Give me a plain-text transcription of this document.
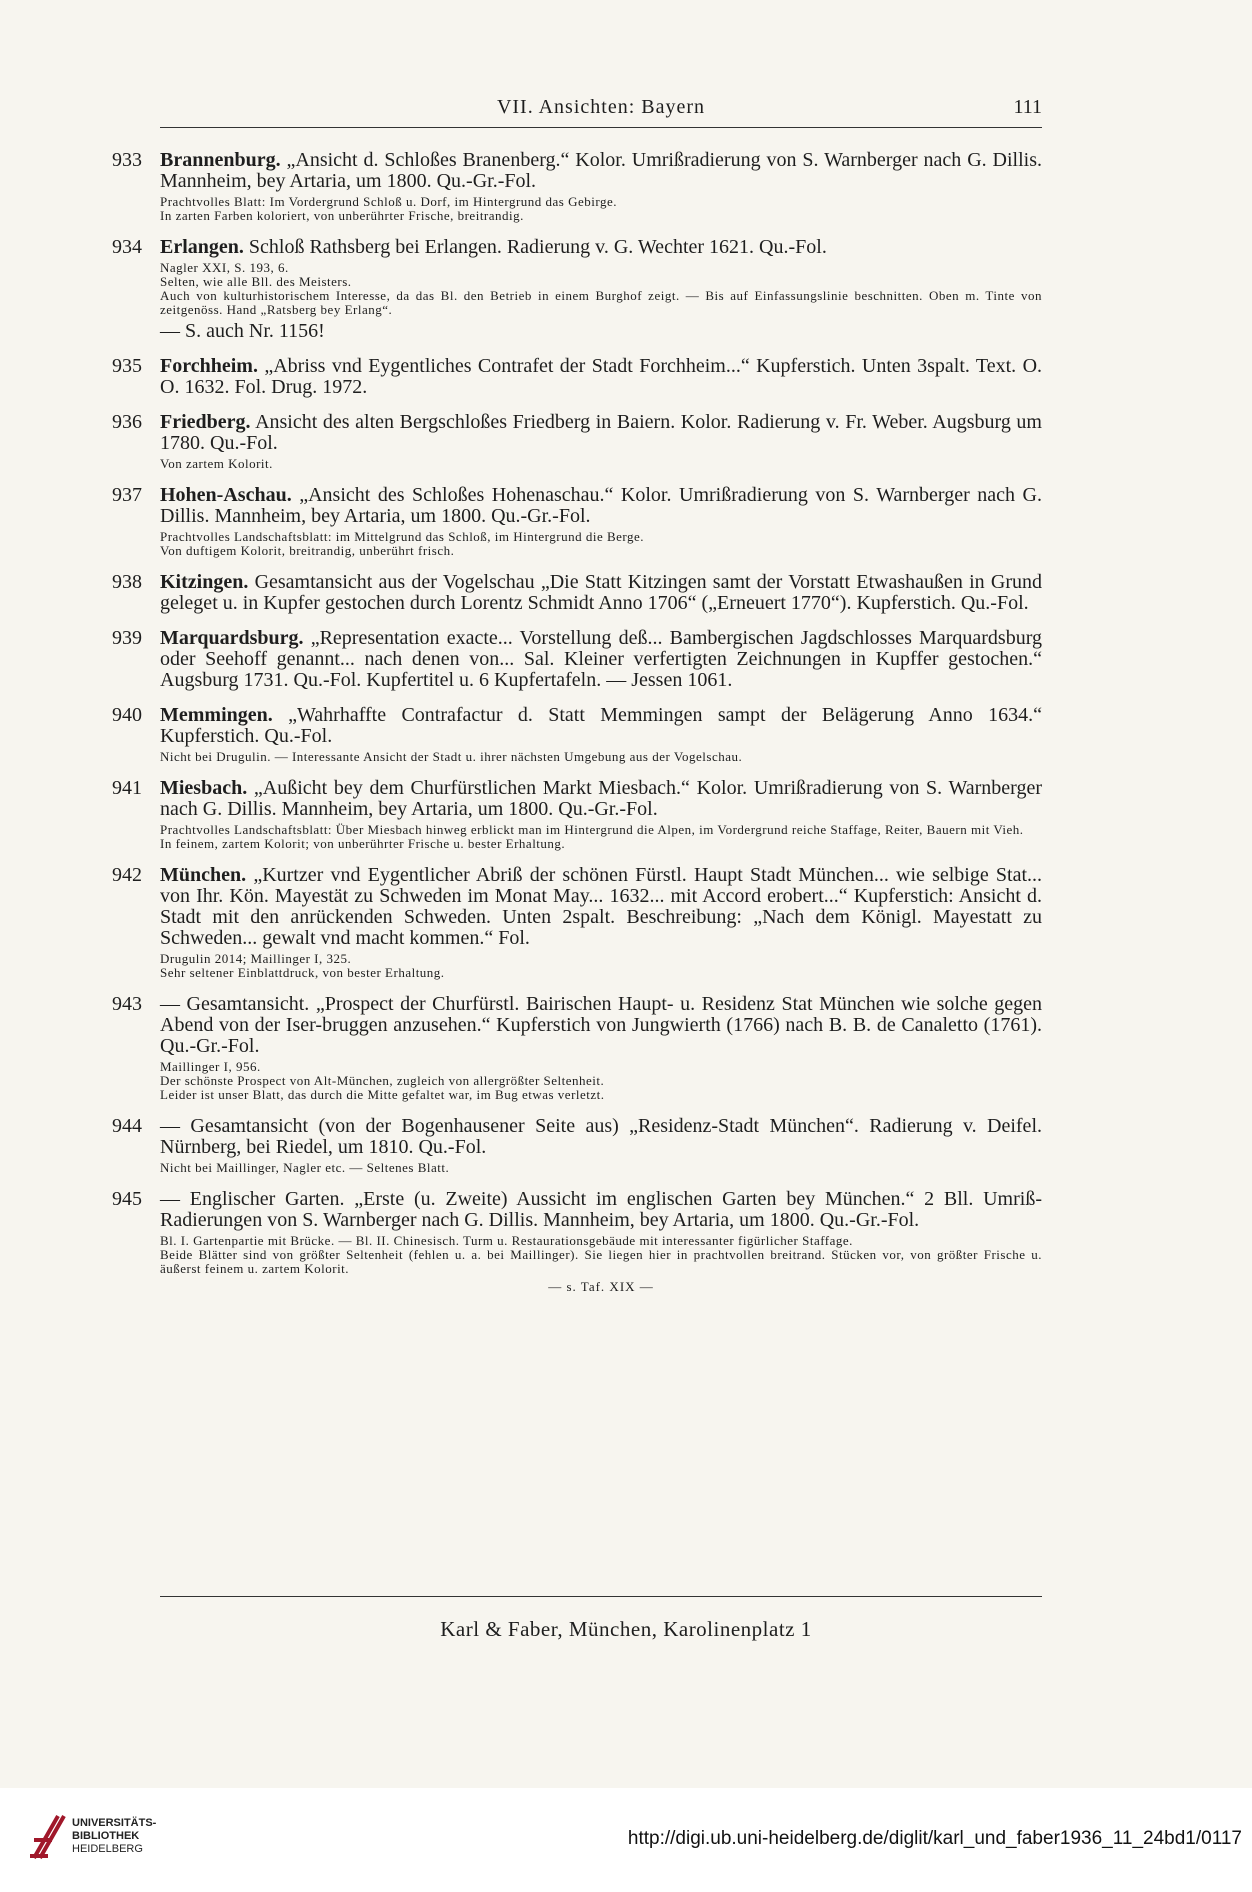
VII. Ansichten: Bayern	111
933 Brannenburg. „Ansicht d. Schloßes Branenberg.“ Kolor. Umrißradierung von S. Warnberger nach G. Dillis. Mannheim, bey Artaria, um 1800. Qu.-Gr.-Fol.

Prachtvolles Blatt: Im Vordergrund Schloß u. Dorf, im Hintergrund das Gebirge.

In zarten Farben koloriert, von unberührter Frische, breitrandig.

934 Erlangen. Schloß Rathsberg bei Erlangen. Radierung v. G. Wechter 1621. Qu.-Fol.

Nagler XXI, S. 193, 6.

Selten, wie alle Bll. des Meisters.

Auch von kulturhistorischem Interesse, da das Bl. den Betrieb in einem Burghof zeigt. — Bis auf Einfassungslinie beschnitten. Oben m. Tinte von zeitgenöss. Hand „Ratsberg bey Erlang“.

— S. auch Nr. 1156!
935 Forchheim. „Abriss vnd Eygentliches Contrafet der Stadt Forchheim...“ Kupferstich. Unten 3spalt. Text. O. O. 1632. Fol. Drug. 1972.
936 Friedberg. Ansicht des alten Bergschloßes Friedberg in Baiern. Kolor. Radierung v. Fr. Weber. Augsburg um 1780. Qu.-Fol.

Von zartem Kolorit.

937 Hohen-Aschau. „Ansicht des Schloßes Hohenaschau.“ Kolor. Umrißradierung von S. Warnberger nach G. Dillis. Mannheim, bey Artaria, um 1800. Qu.-Gr.-Fol.

Prachtvolles Landschaftsblatt: im Mittelgrund das Schloß, im Hintergrund die Berge.

Von duftigem Kolorit, breitrandig, unberührt frisch.

938 Kitzingen. Gesamtansicht aus der Vogelschau „Die Statt Kitzingen samt der Vorstatt Etwashaußen in Grund geleget u. in Kupfer gestochen durch Lorentz Schmidt Anno 1706“ („Erneuert 1770“). Kupferstich. Qu.-Fol.
939 Marquardsburg. „Representation exacte... Vorstellung deß... Bambergischen Jagdschlosses Marquardsburg oder Seehoff genannt... nach denen von... Sal. Kleiner verfertigten Zeichnungen in Kupffer gestochen.“ Augsburg 1731. Qu.-Fol. Kupfertitel u. 6 Kupfertafeln. — Jessen 1061.
940 Memmingen. „Wahrhaffte Contrafactur d. Statt Memmingen sampt der Belägerung Anno 1634.“ Kupferstich. Qu.-Fol.

Nicht bei Drugulin. — Interessante Ansicht der Stadt u. ihrer nächsten Umgebung aus der Vogelschau.

941 Miesbach. „Außicht bey dem Churfürstlichen Markt Miesbach.“ Kolor. Umrißradierung von S. Warnberger nach G. Dillis. Mannheim, bey Artaria, um 1800. Qu.-Gr.-Fol.

Prachtvolles Landschaftsblatt: Über Miesbach hinweg erblickt man im Hintergrund die Alpen, im Vordergrund reiche Staffage, Reiter, Bauern mit Vieh.

In feinem, zartem Kolorit; von unberührter Frische u. bester Erhaltung.

942 München. „Kurtzer vnd Eygentlicher Abriß der schönen Fürstl. Haupt Stadt München... wie selbige Stat... von Ihr. Kön. Mayestät zu Schweden im Monat May... 1632... mit Accord erobert...“ Kupferstich: Ansicht d. Stadt mit den anrückenden Schweden. Unten 2spalt. Beschreibung: „Nach dem Königl. Mayestatt zu Schweden... gewalt vnd macht kommen.“ Fol.

Drugulin 2014; Maillinger I, 325.

Sehr seltener Einblattdruck, von bester Erhaltung.

943 — Gesamtansicht. „Prospect der Churfürstl. Bairischen Haupt- u. Residenz Stat München wie solche gegen Abend von der Iser-bruggen anzusehen.“ Kupferstich von Jungwierth (1766) nach B. B. de Canaletto (1761). Qu.-Gr.-Fol.

Maillinger I, 956.

Der schönste Prospect von Alt-München, zugleich von allergrößter Seltenheit.

Leider ist unser Blatt, das durch die Mitte gefaltet war, im Bug etwas verletzt.

944 — Gesamtansicht (von der Bogenhausener Seite aus) „Residenz-Stadt München“. Radierung v. Deifel. Nürnberg, bei Riedel, um 1810. Qu.-Fol.

Nicht bei Maillinger, Nagler etc. — Seltenes Blatt.

945 — Englischer Garten. „Erste (u. Zweite) Aussicht im englischen Garten bey München.“ 2 Bll. Umriß-Radierungen von S. Warnberger nach G. Dillis. Mannheim, bey Artaria, um 1800. Qu.-Gr.-Fol.

Bl. I. Gartenpartie mit Brücke. — Bl. II. Chinesisch. Turm u. Restaurationsgebäude mit interessanter figürlicher Staffage.

Beide Blätter sind von größter Seltenheit (fehlen u. a. bei Maillinger). Sie liegen hier in prachtvollen breitrand. Stücken vor, von größter Frische u. äußerst feinem u. zartem Kolorit.

— s. Taf. XIX —
Karl & Faber, München, Karolinenplatz 1
UNIVERSITÄTS-
BIBLIOTHEK
HEIDELBERG	http://digi.ub.uni-heidelberg.de/diglit/karl_und_faber1936_11_24bd1/0117
